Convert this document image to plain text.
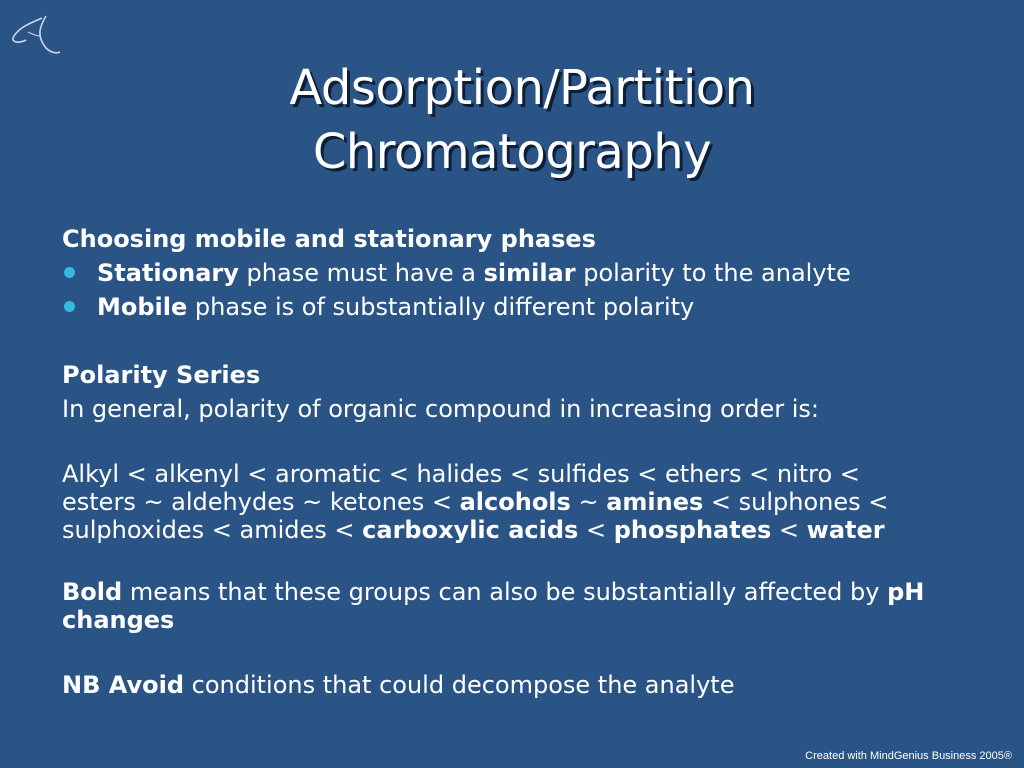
Adsorption/Partition
Chromatography
Choosing mobile and stationary phases
Stationary phase must have a similar polarity to the analyte
Mobile phase is of substantially different polarity
Polarity Series
In general, polarity of organic compound in increasing order is:
Alkyl < alkenyl < aromatic < halides < sulfides < ethers < nitro <
esters ~ aldehydes ~ ketones < alcohols ~ amines < sulphones <
sulphoxides < amides < carboxylic acids < phosphates < water
Bold means that these groups can also be substantially affected by pH
changes
NB Avoid conditions that could decompose the analyte
Created with MindGenius Business 2005®
